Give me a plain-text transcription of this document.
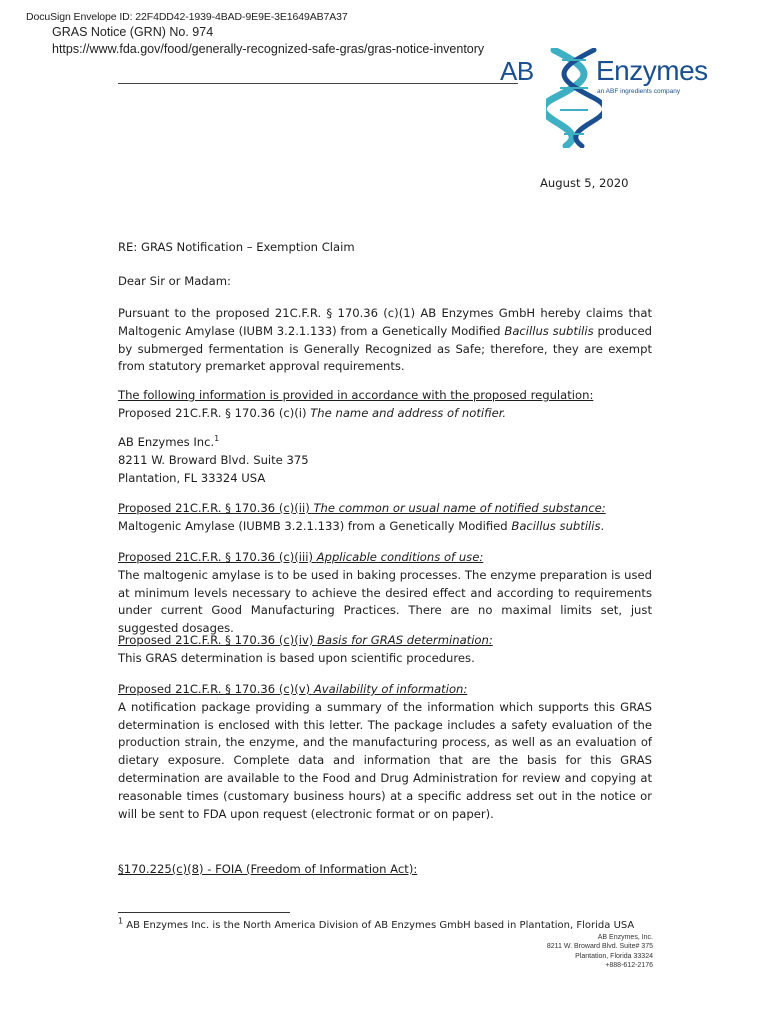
DocuSign Envelope ID: 22F4DD42-1939-4BAD-9E9E-3E1649AB7A37
GRAS Notice (GRN) No. 974
https://www.fda.gov/food/generally-recognized-safe-gras/gras-notice-inventory
AB Enzymes
an ABF ingredients company
August 5, 2020
RE: GRAS Notification – Exemption Claim
Dear Sir or Madam:
Pursuant to the proposed 21C.F.R. § 170.36 (c)(1) AB Enzymes GmbH hereby claims that Maltogenic Amylase (IUBM 3.2.1.133) from a Genetically Modified Bacillus subtilis produced by submerged fermentation is Generally Recognized as Safe; therefore, they are exempt from statutory premarket approval requirements.
The following information is provided in accordance with the proposed regulation:
Proposed 21C.F.R. § 170.36 (c)(i) The name and address of notifier.
AB Enzymes Inc.$^1$
8211 W. Broward Blvd. Suite 375
Plantation, FL 33324 USA
Proposed 21C.F.R. § 170.36 (c)(ii) The common or usual name of notified substance:
Maltogenic Amylase (IUBMB 3.2.1.133) from a Genetically Modified Bacillus subtilis.
Proposed 21C.F.R. § 170.36 (c)(iii) Applicable conditions of use:
The maltogenic amylase is to be used in baking processes. The enzyme preparation is used at minimum levels necessary to achieve the desired effect and according to requirements under current Good Manufacturing Practices. There are no maximal limits set, just suggested dosages.
Proposed 21C.F.R. § 170.36 (c)(iv) Basis for GRAS determination:
This GRAS determination is based upon scientific procedures.
Proposed 21C.F.R. § 170.36 (c)(v) Availability of information:
A notification package providing a summary of the information which supports this GRAS determination is enclosed with this letter. The package includes a safety evaluation of the production strain, the enzyme, and the manufacturing process, as well as an evaluation of dietary exposure. Complete data and information that are the basis for this GRAS determination are available to the Food and Drug Administration for review and copying at reasonable times (customary business hours) at a specific address set out in the notice or will be sent to FDA upon request (electronic format or on paper).
§170.225(c)(8) - FOIA (Freedom of Information Act):
$^1$ AB Enzymes Inc. is the North America Division of AB Enzymes GmbH based in Plantation, Florida USA
AB Enzymes, Inc.
8211 W. Broward Blvd. Suite# 375
Plantation, Florida 33324
+888-612-2176
